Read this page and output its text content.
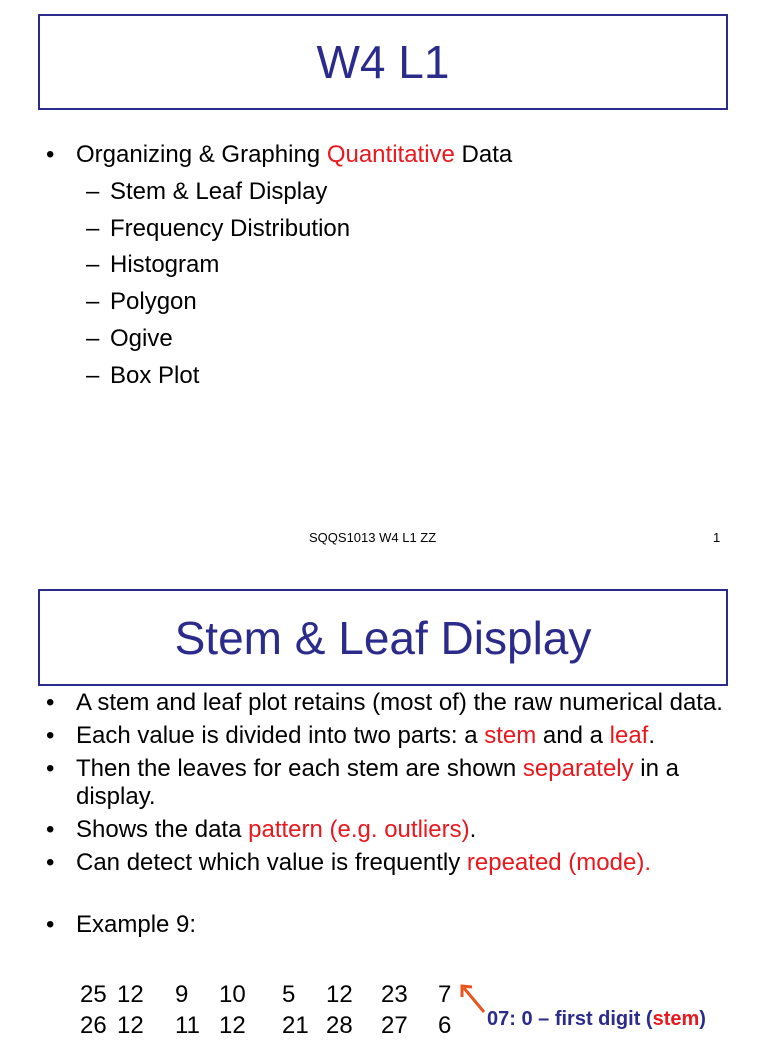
W4 L1
• Organizing & Graphing Quantitative Data
– Stem & Leaf Display
– Frequency Distribution
– Histogram
– Polygon
– Ogive
– Box Plot
SQQS1013 W4 L1 ZZ	1
Stem & Leaf Display
• A stem and leaf plot retains (most of) the raw numerical data.
• Each value is divided into two parts: a stem and a leaf.
• Then the leaves for each stem are shown separately in a display.
• Shows the data pattern (e.g. outliers).
• Can detect which value is frequently repeated (mode).
• Example 9:
25 12 9 10 5 12 23 7
26 12 11 12 21 28 27 6 07: 0 – first digit (stem)
